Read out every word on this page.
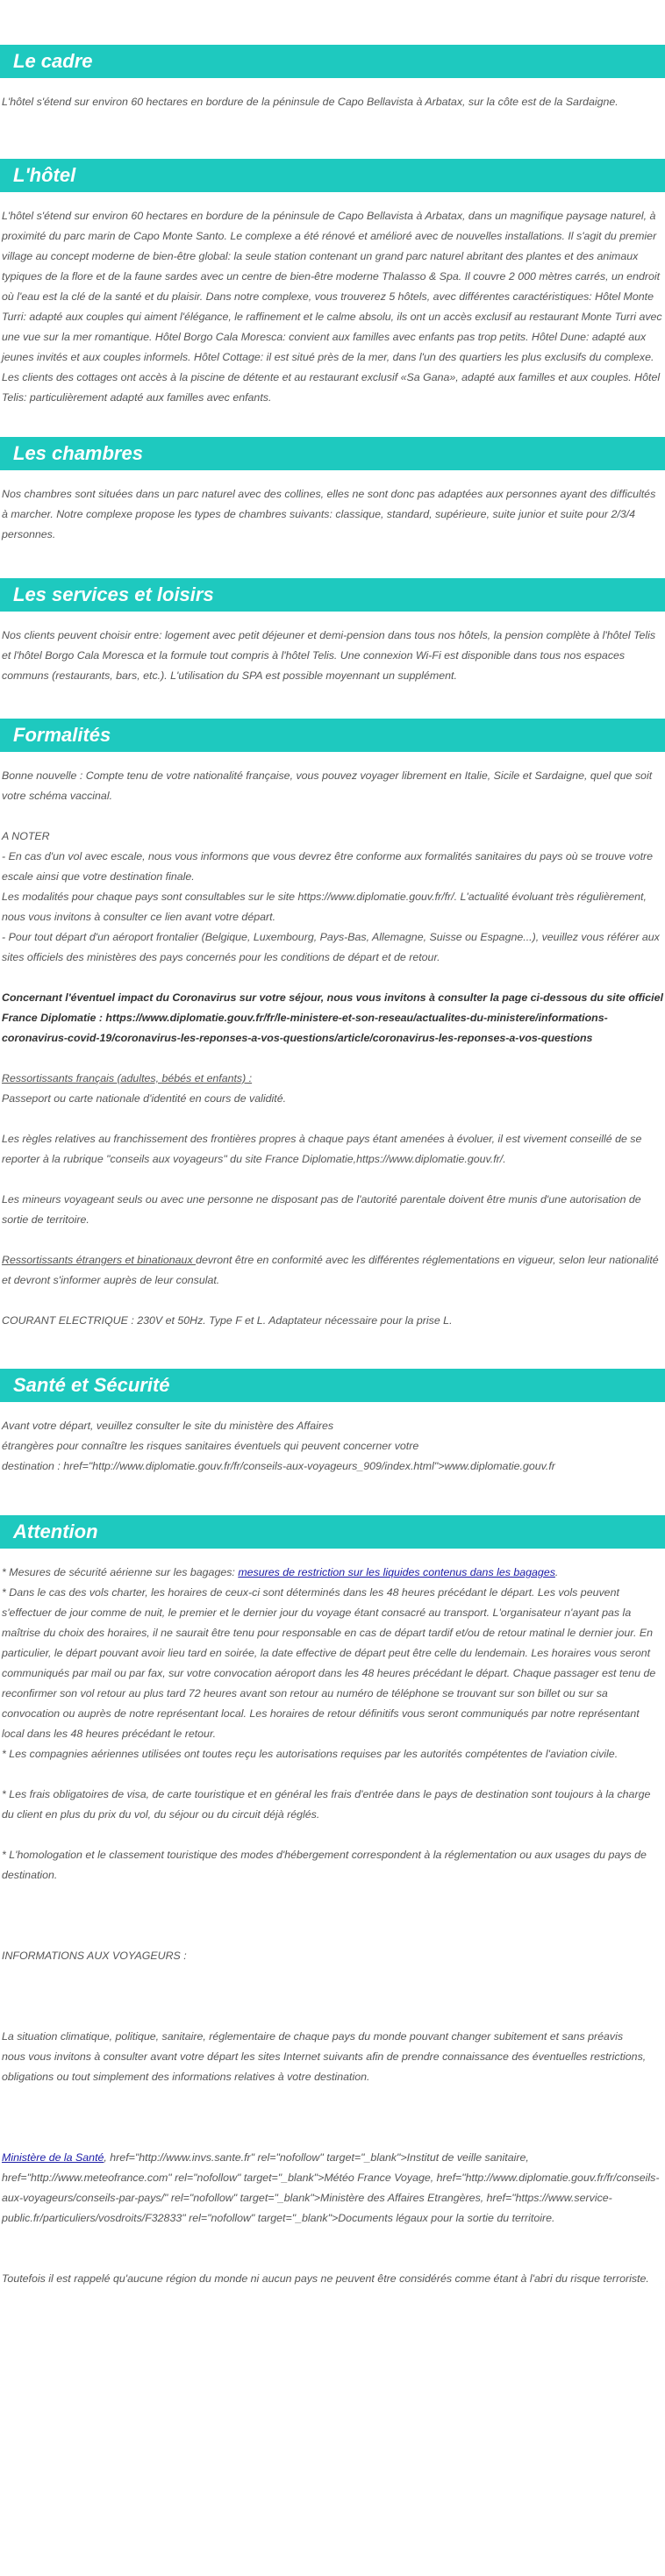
Le cadre

L'hôtel s'étend sur environ 60 hectares en bordure de la péninsule de Capo Bellavista à Arbatax, sur la côte est de la Sardaigne.

L'hôtel

L'hôtel s'étend sur environ 60 hectares en bordure de la péninsule de Capo Bellavista à Arbatax, dans un magnifique paysage naturel, à proximité du parc marin de Capo Monte Santo. Le complexe a été rénové et amélioré avec de nouvelles installations. Il s'agit du premier village au concept moderne de bien-être global: la seule station contenant un grand parc naturel abritant des plantes et des animaux typiques de la flore et de la faune sardes avec un centre de bien-être moderne Thalasso & Spa. Il couvre 2 000 mètres carrés, un endroit où l'eau est la clé de la santé et du plaisir. Dans notre complexe, vous trouverez 5 hôtels, avec différentes caractéristiques: Hôtel Monte Turri: adapté aux couples qui aiment l'élégance, le raffinement et le calme absolu, ils ont un accès exclusif au restaurant Monte Turri avec une vue sur la mer romantique. Hôtel Borgo Cala Moresca: convient aux familles avec enfants pas trop petits. Hôtel Dune: adapté aux jeunes invités et aux couples informels. Hôtel Cottage: il est situé près de la mer, dans l'un des quartiers les plus exclusifs du complexe. Les clients des cottages ont accès à la piscine de détente et au restaurant exclusif «Sa Gana», adapté aux familles et aux couples. Hôtel Telis: particulièrement adapté aux familles avec enfants.

Les chambres

Nos chambres sont situées dans un parc naturel avec des collines, elles ne sont donc pas adaptées aux personnes ayant des difficultés à marcher. Notre complexe propose les types de chambres suivants: classique, standard, supérieure, suite junior et suite pour 2/3/4 personnes.

Les services et loisirs

Nos clients peuvent choisir entre: logement avec petit déjeuner et demi-pension dans tous nos hôtels, la pension complète à l'hôtel Telis et l'hôtel Borgo Cala Moresca et la formule tout compris à l'hôtel Telis. Une connexion Wi-Fi est disponible dans tous nos espaces communs (restaurants, bars, etc.). L'utilisation du SPA est possible moyennant un supplément.

Formalités

Bonne nouvelle : Compte tenu de votre nationalité française, vous pouvez voyager librement en Italie, Sicile et Sardaigne, quel que soit votre schéma vaccinal.

A NOTER

- En cas d'un vol avec escale, nous vous informons que vous devrez être conforme aux formalités sanitaires du pays où se trouve votre escale ainsi que votre destination finale.

Les modalités pour chaque pays sont consultables sur le site https://www.diplomatie.gouv.fr/fr/. L'actualité évoluant très régulièrement, nous vous invitons à consulter ce lien avant votre départ.

- Pour tout départ d'un aéroport frontalier (Belgique, Luxembourg, Pays-Bas, Allemagne, Suisse ou Espagne...), veuillez vous référer aux sites officiels des ministères des pays concernés pour les conditions de départ et de retour.

Concernant l'éventuel impact du Coronavirus sur votre séjour, nous vous invitons à consulter la page ci-dessous du site officiel France Diplomatie : https://www.diplomatie.gouv.fr/fr/le-ministere-et-son-reseau/actualites-du-ministere/informations-coronavirus-covid-19/coronavirus-les-reponses-a-vos-questions/article/coronavirus-les-reponses-a-vos-questions

Ressortissants français (adultes, bébés et enfants) :

Passeport ou carte nationale d'identité en cours de validité.

Les règles relatives au franchissement des frontières propres à chaque pays étant amenées à évoluer, il est vivement conseillé de se reporter à la rubrique "conseils aux voyageurs" du site France Diplomatie,https://www.diplomatie.gouv.fr/.

Les mineurs voyageant seuls ou avec une personne ne disposant pas de l'autorité parentale doivent être munis d'une autorisation de sortie de territoire.

Ressortissants étrangers et binationaux devront être en conformité avec les différentes réglementations en vigueur, selon leur nationalité et devront s'informer auprès de leur consulat.

COURANT ELECTRIQUE : 230V et 50Hz. Type F et L. Adaptateur nécessaire pour la prise L.

Santé et Sécurité

Avant votre départ, veuillez consulter le site du ministère des Affaires

étrangères pour connaître les risques sanitaires éventuels qui peuvent concerner votre

destination : href="http://www.diplomatie.gouv.fr/fr/conseils-aux-voyageurs_909/index.html">www.diplomatie.gouv.fr

Attention

* Mesures de sécurité aérienne sur les bagages: mesures de restriction sur les liquides contenus dans les bagages.

* Dans le cas des vols charter, les horaires de ceux-ci sont déterminés dans les 48 heures précédant le départ. Les vols peuvent s'effectuer de jour comme de nuit, le premier et le dernier jour du voyage étant consacré au transport. L'organisateur n'ayant pas la maîtrise du choix des horaires, il ne saurait être tenu pour responsable en cas de départ tardif et/ou de retour matinal le dernier jour. En particulier, le départ pouvant avoir lieu tard en soirée, la date effective de départ peut être celle du lendemain. Les horaires vous seront communiqués par mail ou par fax, sur votre convocation aéroport dans les 48 heures précédant le départ. Chaque passager est tenu de reconfirmer son vol retour au plus tard 72 heures avant son retour au numéro de téléphone se trouvant sur son billet ou sur sa convocation ou auprès de notre représentant local. Les horaires de retour définitifs vous seront communiqués par notre représentant local dans les 48 heures précédant le retour.

* Les compagnies aériennes utilisées ont toutes reçu les autorisations requises par les autorités compétentes de l'aviation civile.

* Les frais obligatoires de visa, de carte touristique et en général les frais d'entrée dans le pays de destination sont toujours à la charge du client en plus du prix du vol, du séjour ou du circuit déjà réglés.

* L'homologation et le classement touristique des modes d'hébergement correspondent à la réglementation ou aux usages du pays de destination.

INFORMATIONS AUX VOYAGEURS :

La situation climatique, politique, sanitaire, réglementaire de chaque pays du monde pouvant changer subitement et sans préavis

nous vous invitons à consulter avant votre départ les sites Internet suivants afin de prendre connaissance des éventuelles restrictions, obligations ou tout simplement des informations relatives à votre destination.

Ministère de la Santé, href="http://www.invs.sante.fr" rel="nofollow" target="_blank">Institut de veille sanitaire, href="http://www.meteofrance.com" rel="nofollow" target="_blank">Météo France Voyage, href="http://www.diplomatie.gouv.fr/fr/conseils-aux-voyageurs/conseils-par-pays/" rel="nofollow" target="_blank">Ministère des Affaires Etrangères, href="https://www.service-public.fr/particuliers/vosdroits/F32833" rel="nofollow" target="_blank">Documents légaux pour la sortie du territoire.

Toutefois il est rappelé qu'aucune région du monde ni aucun pays ne peuvent être considérés comme étant à l'abri du risque terroriste.
